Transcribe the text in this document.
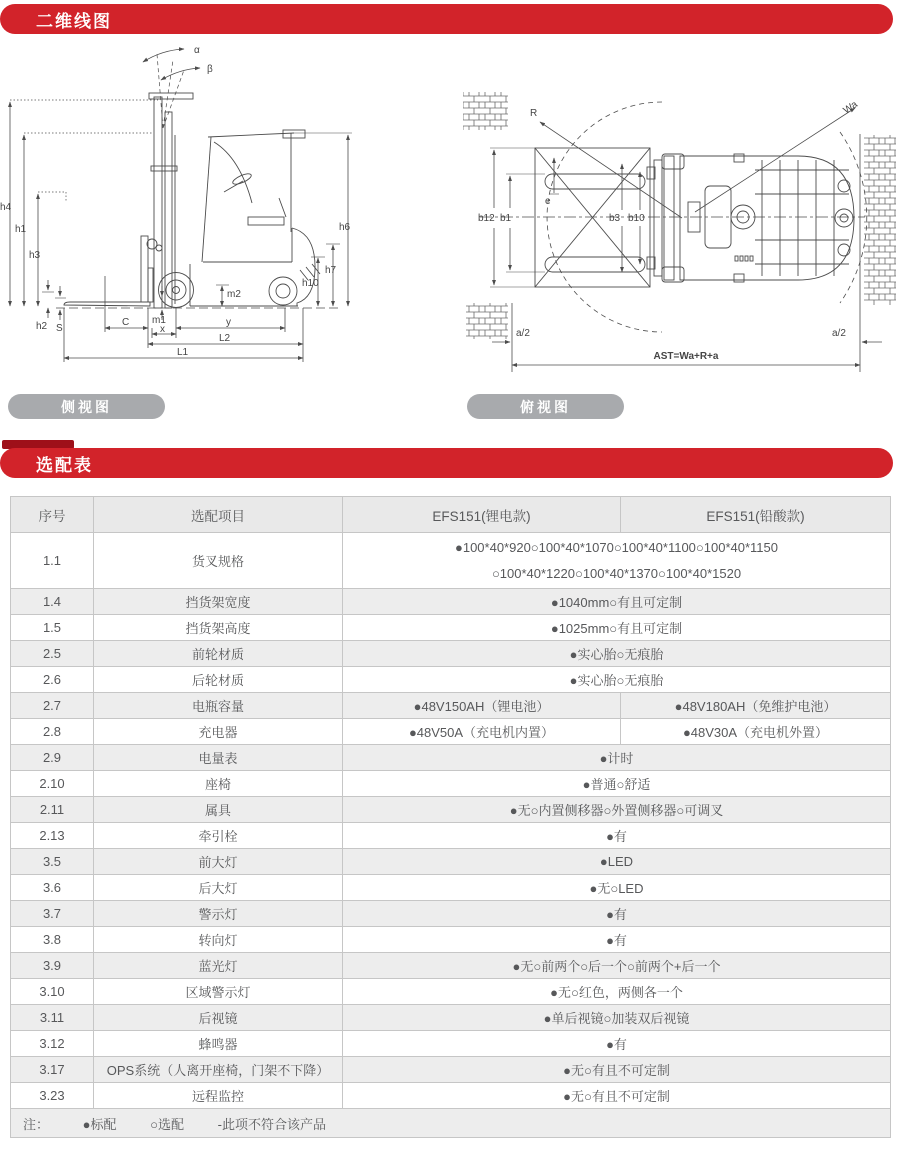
二维线图
α
β
h4
h1
h3
h2 S
m1
m2
C
x
y
L2
L1
h6
h7
h10
R	Wa
b12 b1
e
b3 b10
a/2	a/2
AST=Wa+R+a
侧视图	俯视图
选配表
序号	选配项目	EFS151(锂电款)	EFS151(铅酸款)
1.1	货叉规格	●100*40*920○100*40*1070○100*40*1100○100*40*1150
○100*40*1220○100*40*1370○100*40*1520	

1.4	挡货架宽度	●1040mm○有且可定制	
1.5	挡货架高度	●1025mm○有且可定制	
2.5	前轮材质	●实心胎○无痕胎	
2.6	后轮材质	●实心胎○无痕胎	
2.7	电瓶容量	●48V150AH（锂电池）	●48V180AH（免维护电池）
2.8	充电器	●48V50A（充电机内置）	●48V30A（充电机外置）
2.9	电量表	●计时	
2.10	座椅	●普通○舒适	
2.11	属具	●无○内置侧移器○外置侧移器○可调叉	
2.13	牵引栓	●有	
3.5	前大灯	●LED	
3.6	后大灯	●无○LED	
3.7	警示灯	●有	
3.8	转向灯	●有	
3.9	蓝光灯	●无○前两个○后一个○前两个+后一个	
3.10	区域警示灯	●无○红色，两侧各一个	
3.11	后视镜	●单后视镜○加装双后视镜	
3.12	蜂鸣器	●有	
3.17	OPS系统（人离开座椅，门架不下降）	●无○有且不可定制	
3.23	远程监控	●无○有且不可定制	
注： ●标配 ○选配 -此项不符合该产品			
